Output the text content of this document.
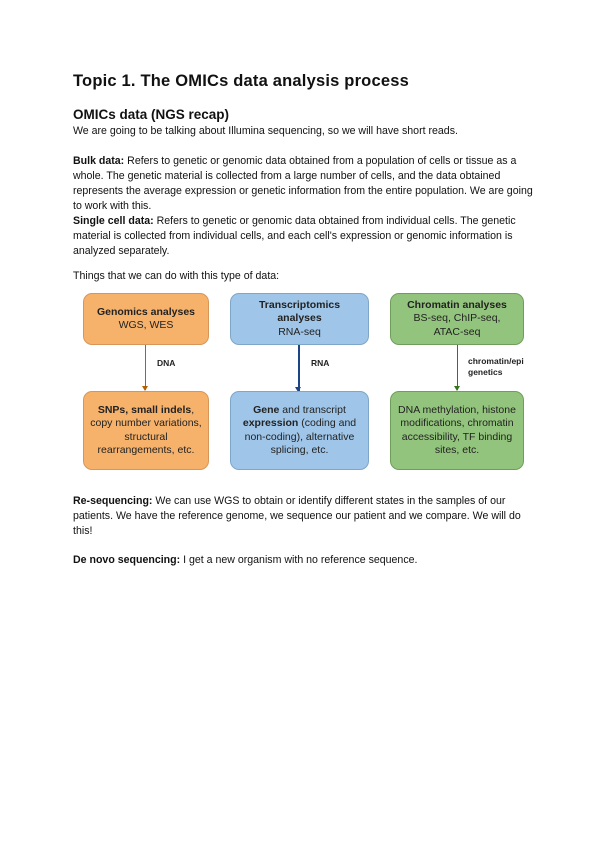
Topic 1. The OMICs data analysis process
OMICs data (NGS recap)
We are going to be talking about Illumina sequencing, so we will have short reads.
Bulk data: Refers to genetic or genomic data obtained from a population of cells or tissue as a whole. The genetic material is collected from a large number of cells, and the data obtained represents the average expression or genetic information from the entire population. We are going to work with this.
Single cell data: Refers to genetic or genomic data obtained from individual cells. The genetic material is collected from individual cells, and each cell's expression or genomic information is analyzed separately.
Things that we can do with this type of data:
Genomics analyses
WGS, WES
DNA
SNPs, small indels, copy number variations, structural rearrangements, etc.
Transcriptomics analyses
RNA-seq
RNA
Gene and transcript expression (coding and non-coding), alternative splicing, etc.
Chromatin analyses
BS-seq, ChIP-seq, ATAC-seq
chromatin/epigenetics
DNA methylation, histone modifications, chromatin accessibility, TF binding sites, etc.
Re-sequencing: We can use WGS to obtain or identify different states in the samples of our patients. We have the reference genome, we sequence our patient and we compare. We will do this!
De novo sequencing: I get a new organism with no reference sequence.
